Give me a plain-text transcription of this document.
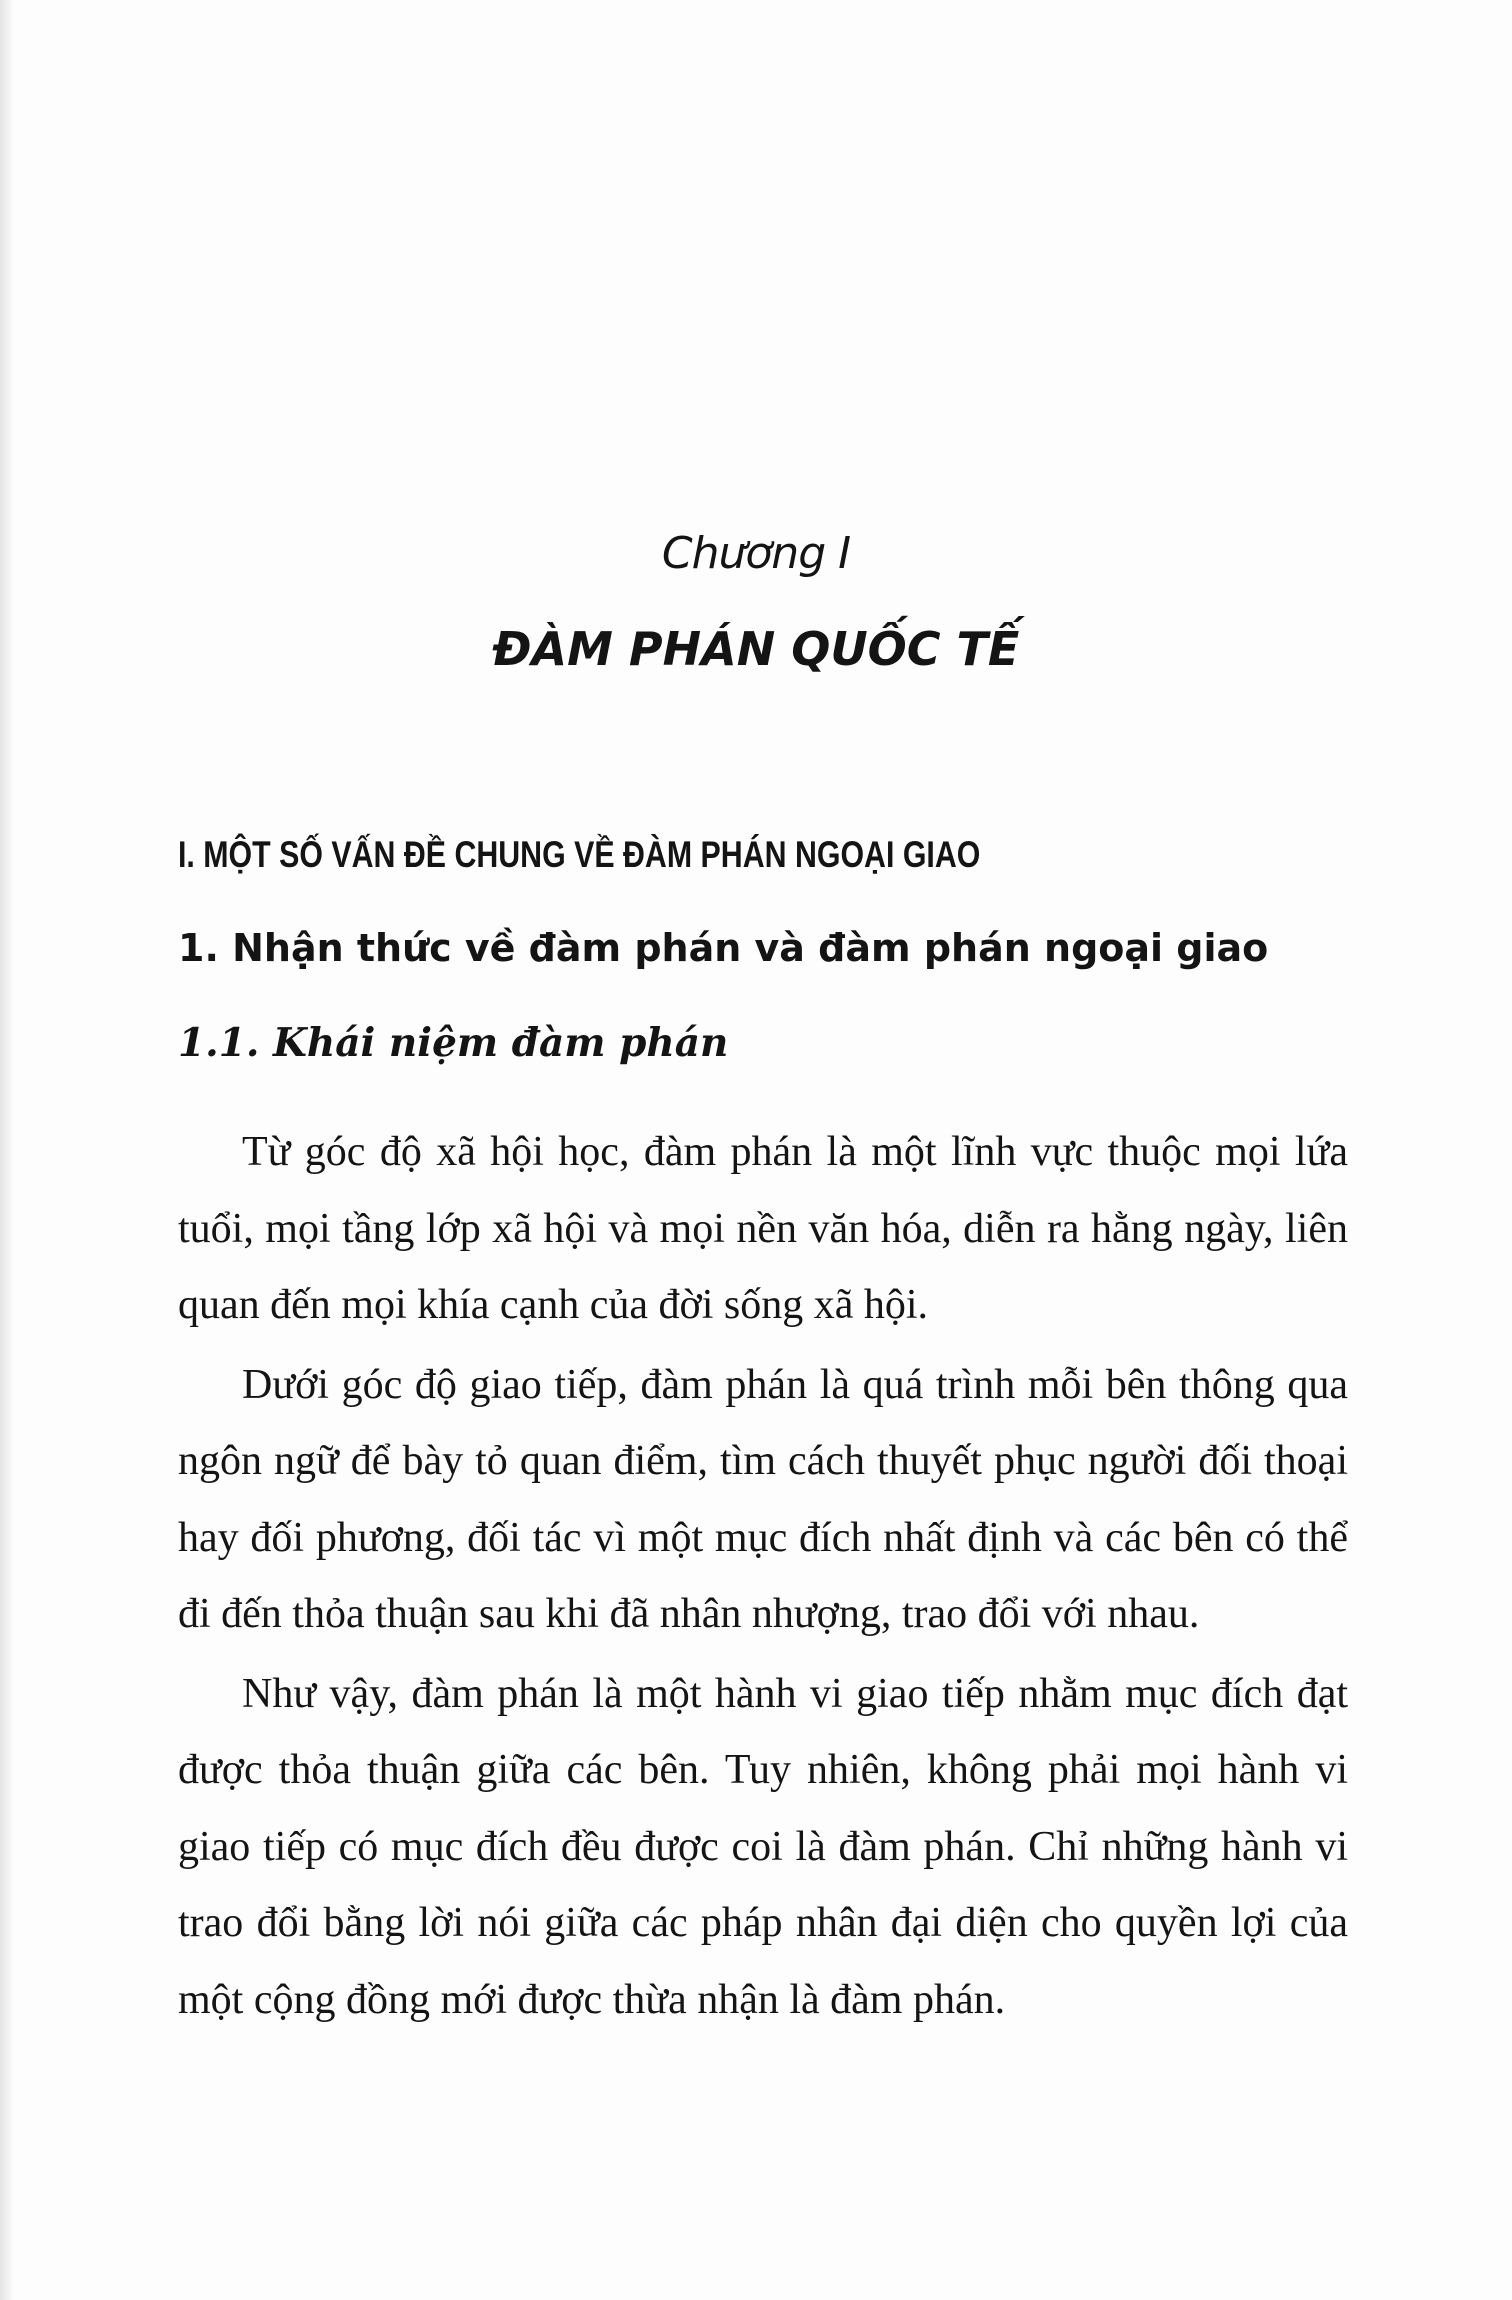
Chương I
ĐÀM PHÁN QUỐC TẾ
I. MỘT SỐ VẤN ĐỀ CHUNG VỀ ĐÀM PHÁN NGOẠI GIAO
1. Nhận thức về đàm phán và đàm phán ngoại giao
1.1. Khái niệm đàm phán

Từ góc độ xã hội học, đàm phán là một lĩnh vực thuộc mọi lứa tuổi, mọi tầng lớp xã hội và mọi nền văn hóa, diễn ra hằng ngày, liên quan đến mọi khía cạnh của đời sống xã hội.

Dưới góc độ giao tiếp, đàm phán là quá trình mỗi bên thông qua ngôn ngữ để bày tỏ quan điểm, tìm cách thuyết phục người đối thoại hay đối phương, đối tác vì một mục đích nhất định và các bên có thể đi đến thỏa thuận sau khi đã nhân nhượng, trao đổi với nhau.

Như vậy, đàm phán là một hành vi giao tiếp nhằm mục đích đạt được thỏa thuận giữa các bên. Tuy nhiên, không phải mọi hành vi giao tiếp có mục đích đều được coi là đàm phán. Chỉ những hành vi trao đổi bằng lời nói giữa các pháp nhân đại diện cho quyền lợi của một cộng đồng mới được thừa nhận là đàm phán.
